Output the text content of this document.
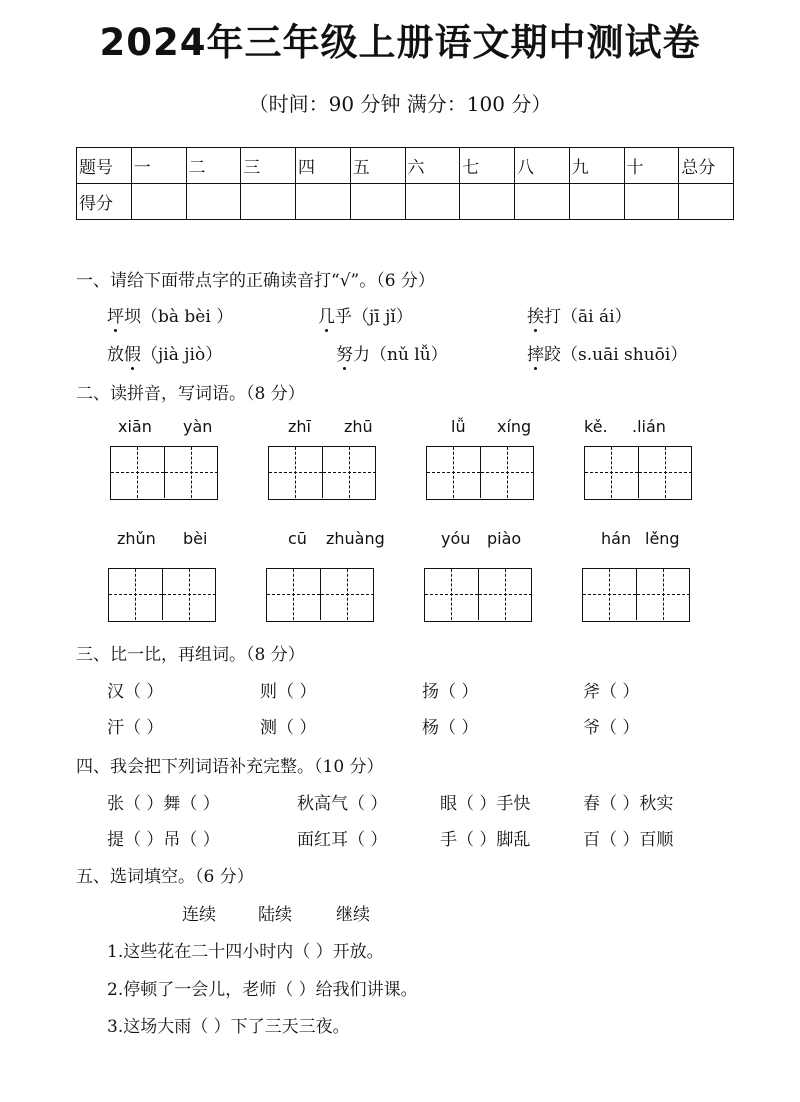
2024年三年级上册语文期中测试卷
（时间：90 分钟 满分：100 分）
题号	一	二	三	四	五	六	七	八	九	十	总分
得分											
一、请给下面带点字的正确读音打“√”。（6 分）
坪坝（bà bèi ）	几乎（jī jǐ）	挨打（āi ái）
放假（jià jiò）	努力（nǔ lǚ）	摔跤（s.uāi shuōi）
二、读拼音，写词语。（8 分）
xiān yàn	zhī zhū	lǚ xíng	kě. .lián
zhǔn bèi	cū zhuàng	yóu piào	hán lěng
三、比一比，再组词。（8 分）
汉（ ）	则（ ）	扬（ ）	斧（ ）
汗（ ）	测（ ）	杨（ ）	爷（ ）
四、我会把下列词语补充完整。（10 分）
张（ ）舞（ ）	秋高气（ ）	眼（ ）手快	春（ ）秋实
提（ ）吊（ ）	面红耳（ ）	手（ ）脚乱	百（ ）百顺
五、选词填空。（6 分）
连续 陆续	继续
1.这些花在二十四小时内（ ）开放。
2.停顿了一会儿，老师（ ）给我们讲课。
3.这场大雨（ ）下了三天三夜。
